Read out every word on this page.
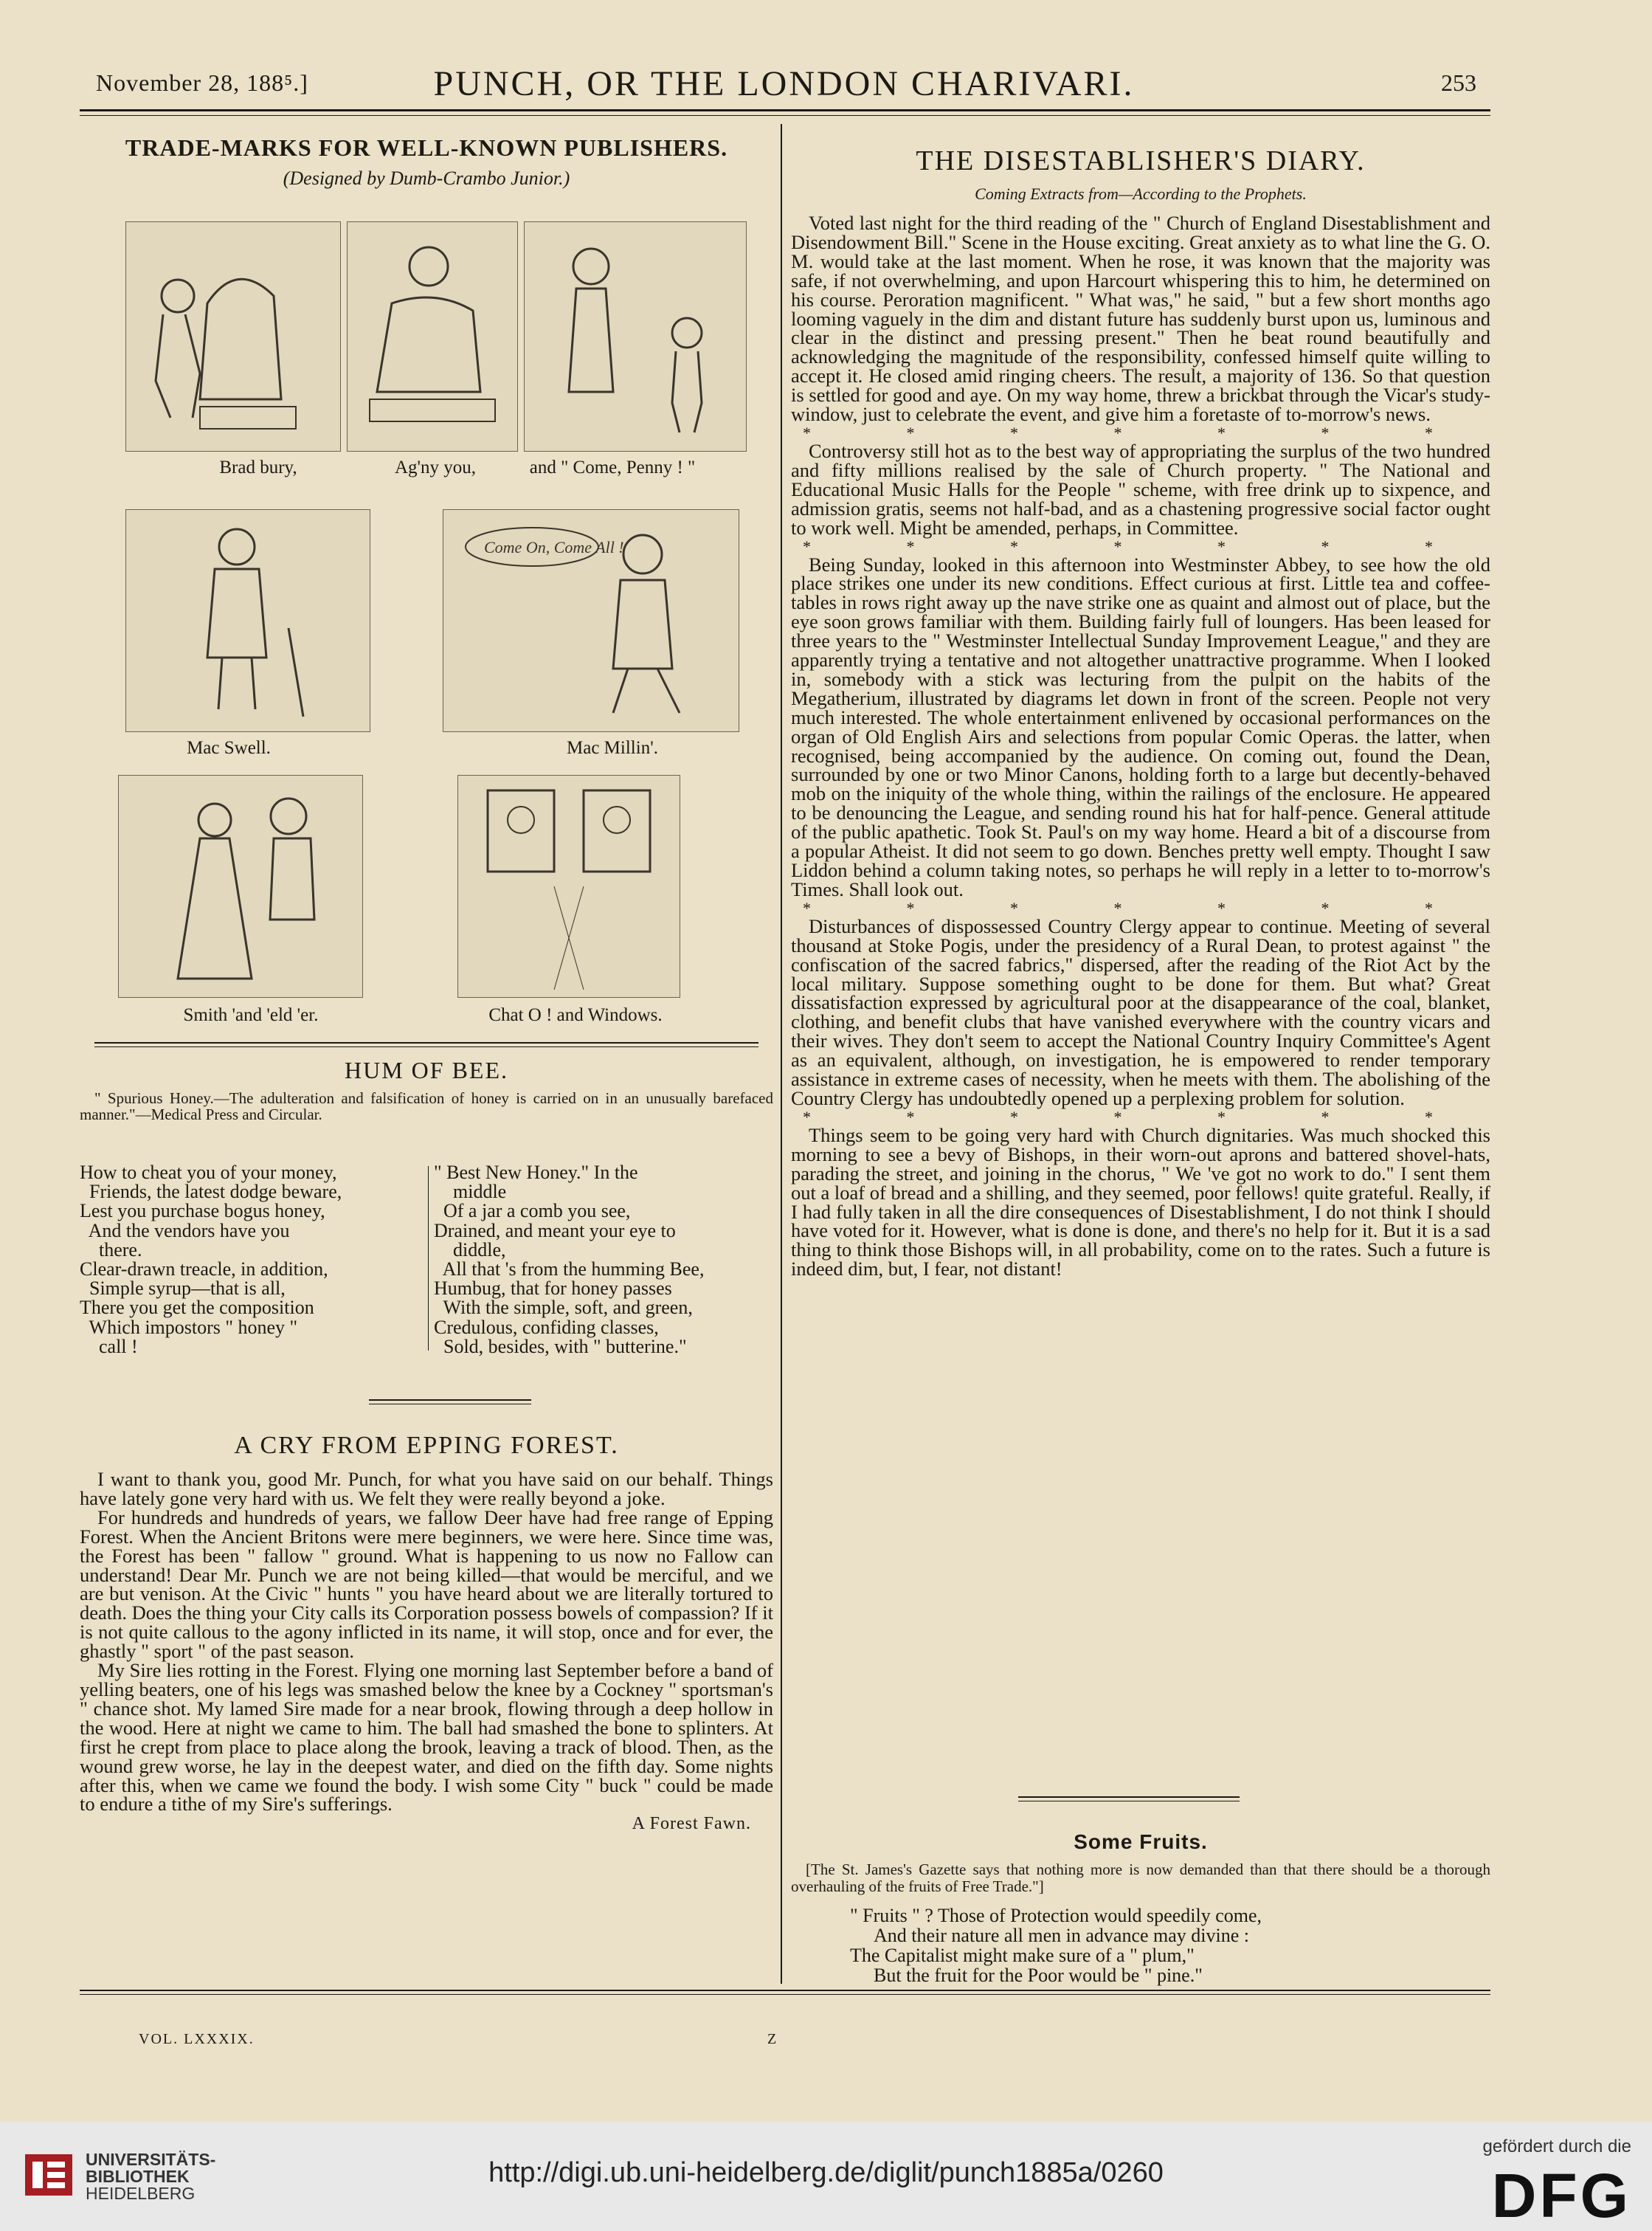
November 28, 188⁵.]	PUNCH, OR THE LONDON CHARIVARI.	253
TRADE-MARKS FOR WELL-KNOWN PUBLISHERS.
(Designed by Dumb-Crambo Junior.)
Brad bury,	Ag'ny you,	and " Come, Penny ! "
Come On, Come All !
Mac Swell.	Mac Millin'.
Smith 'and 'eld 'er.	Chat O ! and Windows.
HUM OF BEE.

" Spurious Honey.—The adulteration and falsification of honey is carried on in an unusually barefaced manner."—Medical Press and Circular.

How to cheat you of your money,
Friends, the latest dodge beware,
Lest you purchase bogus honey,
And the vendors have you
there.
Clear-drawn treacle, in addition,
Simple syrup—that is all,
There you get the composition
Which impostors " honey "
call !
" Best New Honey." In the
middle
Of a jar a comb you see,
Drained, and meant your eye to
diddle,
All that 's from the humming Bee,
Humbug, that for honey passes
With the simple, soft, and green,
Credulous, confiding classes,
Sold, besides, with " butterine."
A CRY FROM EPPING FOREST.

I want to thank you, good Mr. Punch, for what you have said on our behalf. Things have lately gone very hard with us. We felt they were really beyond a joke.

For hundreds and hundreds of years, we fallow Deer have had free range of Epping Forest. When the Ancient Britons were mere beginners, we were here. Since time was, the Forest has been " fallow " ground. What is happening to us now no Fallow can understand! Dear Mr. Punch we are not being killed—that would be merciful, and we are but venison. At the Civic " hunts " you have heard about we are literally tortured to death. Does the thing your City calls its Corporation possess bowels of compassion? If it is not quite callous to the agony inflicted in its name, it will stop, once and for ever, the ghastly " sport " of the past season.

My Sire lies rotting in the Forest. Flying one morning last September before a band of yelling beaters, one of his legs was smashed below the knee by a Cockney " sportsman's " chance shot. My lamed Sire made for a near brook, flowing through a deep hollow in the wood. Here at night we came to him. The ball had smashed the bone to splinters. At first he crept from place to place along the brook, leaving a track of blood. Then, as the wound grew worse, he lay in the deepest water, and died on the fifth day. Some nights after this, when we came we found the body. I wish some City " buck " could be made to endure a tithe of my Sire's sufferings.

A Forest Fawn.
THE DISESTABLISHER'S DIARY.
Coming Extracts from—According to the Prophets.

Voted last night for the third reading of the " Church of England Disestablishment and Disendowment Bill." Scene in the House exciting. Great anxiety as to what line the G. O. M. would take at the last moment. When he rose, it was known that the majority was safe, if not overwhelming, and upon Harcourt whispering this to him, he determined on his course. Peroration magnificent. " What was," he said, " but a few short months ago looming vaguely in the dim and distant future has suddenly burst upon us, luminous and clear in the distinct and pressing present." Then he beat round beautifully and acknowledging the magnitude of the responsibility, confessed himself quite willing to accept it. He closed amid ringing cheers. The result, a majority of 136. So that question is settled for good and aye. On my way home, threw a brickbat through the Vicar's study-window, just to celebrate the event, and give him a foretaste of to-morrow's news.

* * * * * * *

Controversy still hot as to the best way of appropriating the surplus of the two hundred and fifty millions realised by the sale of Church property. " The National and Educational Music Halls for the People " scheme, with free drink up to sixpence, and admission gratis, seems not half-bad, and as a chastening progressive social factor ought to work well. Might be amended, perhaps, in Committee.

* * * * * * *

Being Sunday, looked in this afternoon into Westminster Abbey, to see how the old place strikes one under its new conditions. Effect curious at first. Little tea and coffee-tables in rows right away up the nave strike one as quaint and almost out of place, but the eye soon grows familiar with them. Building fairly full of loungers. Has been leased for three years to the " Westminster Intellectual Sunday Improvement League," and they are apparently trying a tentative and not altogether unattractive programme. When I looked in, somebody with a stick was lecturing from the pulpit on the habits of the Megatherium, illustrated by diagrams let down in front of the screen. People not very much interested. The whole entertainment enlivened by occasional performances on the organ of Old English Airs and selections from popular Comic Operas. the latter, when recognised, being accompanied by the audience. On coming out, found the Dean, surrounded by one or two Minor Canons, holding forth to a large but decently-behaved mob on the iniquity of the whole thing, within the railings of the enclosure. He appeared to be denouncing the League, and sending round his hat for half-pence. General attitude of the public apathetic. Took St. Paul's on my way home. Heard a bit of a discourse from a popular Atheist. It did not seem to go down. Benches pretty well empty. Thought I saw Liddon behind a column taking notes, so perhaps he will reply in a letter to to-morrow's Times. Shall look out.

* * * * * * *

Disturbances of dispossessed Country Clergy appear to continue. Meeting of several thousand at Stoke Pogis, under the presidency of a Rural Dean, to protest against " the confiscation of the sacred fabrics," dispersed, after the reading of the Riot Act by the local military. Suppose something ought to be done for them. But what? Great dissatisfaction expressed by agricultural poor at the disappearance of the coal, blanket, clothing, and benefit clubs that have vanished everywhere with the country vicars and their wives. They don't seem to accept the National Country Inquiry Committee's Agent as an equivalent, although, on investigation, he is empowered to render temporary assistance in extreme cases of necessity, when he meets with them. The abolishing of the Country Clergy has undoubtedly opened up a perplexing problem for solution.

* * * * * * *

Things seem to be going very hard with Church dignitaries. Was much shocked this morning to see a bevy of Bishops, in their worn-out aprons and battered shovel-hats, parading the street, and joining in the chorus, " We 've got no work to do." I sent them out a loaf of bread and a shilling, and they seemed, poor fellows! quite grateful. Really, if I had fully taken in all the dire consequences of Disestablishment, I do not think I should have voted for it. However, what is done is done, and there's no help for it. But it is a sad thing to think those Bishops will, in all probability, come on to the rates. Such a future is indeed dim, but, I fear, not distant!

Some Fruits.

[The St. James's Gazette says that nothing more is now demanded than that there should be a thorough overhauling of the fruits of Free Trade."]

" Fruits " ? Those of Protection would speedily come,
And their nature all men in advance may divine :
The Capitalist might make sure of a " plum,"
But the fruit for the Poor would be " pine."
VOL. LXXXIX.	Z
UNIVERSITÄTS-
BIBLIOTHEK
HEIDELBERG
http://digi.ub.uni-heidelberg.de/diglit/punch1885a/0260
gefördert durch die
DFG
